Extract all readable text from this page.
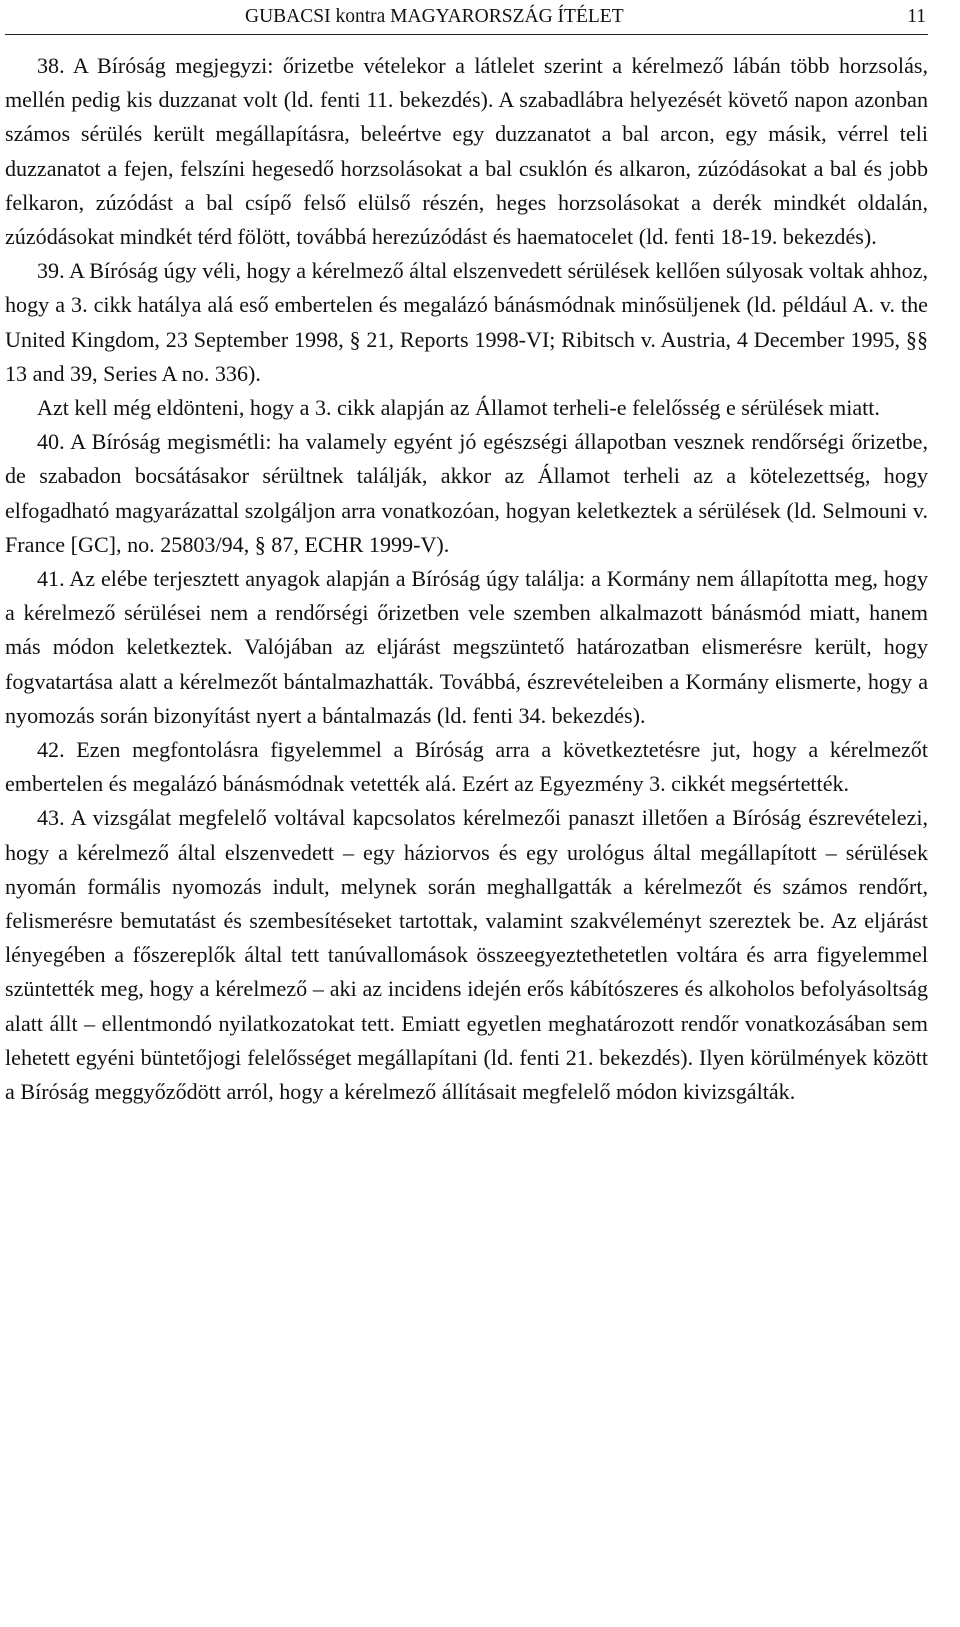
GUBACSI kontra MAGYARORSZÁG ÍTÉLET	11

38. A Bíróság megjegyzi: őrizetbe vételekor a látlelet szerint a kérelmező lábán több horzsolás, mellén pedig kis duzzanat volt (ld. fenti 11. bekezdés). A szabadlábra helyezését követő napon azonban számos sérülés került megállapításra, beleértve egy duzzanatot a bal arcon, egy másik, vérrel teli duzzanatot a fejen, felszíni hegesedő horzsolásokat a bal csuklón és alkaron, zúzódásokat a bal és jobb felkaron, zúzódást a bal csípő felső elülső részén, heges horzsolásokat a derék mindkét oldalán, zúzódásokat mindkét térd fölött, továbbá herezúzódást és haematocelet (ld. fenti 18-19. bekezdés).

39. A Bíróság úgy véli, hogy a kérelmező által elszenvedett sérülések kellően súlyosak voltak ahhoz, hogy a 3. cikk hatálya alá eső embertelen és megalázó bánásmódnak minősüljenek (ld. például A. v. the United Kingdom, 23 September 1998, § 21, Reports 1998-VI; Ribitsch v. Austria, 4 December 1995, §§ 13 and 39, Series A no. 336).

Azt kell még eldönteni, hogy a 3. cikk alapján az Államot terheli-e felelősség e sérülések miatt.

40. A Bíróság megismétli: ha valamely egyént jó egészségi állapotban vesznek rendőrségi őrizetbe, de szabadon bocsátásakor sérültnek találják, akkor az Államot terheli az a kötelezettség, hogy elfogadható magyarázattal szolgáljon arra vonatkozóan, hogyan keletkeztek a sérülések (ld. Selmouni v. France [GC], no. 25803/94, § 87, ECHR 1999-V).

41. Az elébe terjesztett anyagok alapján a Bíróság úgy találja: a Kormány nem állapította meg, hogy a kérelmező sérülései nem a rendőrségi őrizetben vele szemben alkalmazott bánásmód miatt, hanem más módon keletkeztek. Valójában az eljárást megszüntető határozatban elismerésre került, hogy fogvatartása alatt a kérelmezőt bántalmazhatták. Továbbá, észrevételeiben a Kormány elismerte, hogy a nyomozás során bizonyítást nyert a bántalmazás (ld. fenti 34. bekezdés).

42. Ezen megfontolásra figyelemmel a Bíróság arra a következtetésre jut, hogy a kérelmezőt embertelen és megalázó bánásmódnak vetették alá. Ezért az Egyezmény 3. cikkét megsértették.

43. A vizsgálat megfelelő voltával kapcsolatos kérelmezői panaszt illetően a Bíróság észrevételezi, hogy a kérelmező által elszenvedett – egy háziorvos és egy urológus által megállapított – sérülések nyomán formális nyomozás indult, melynek során meghallgatták a kérelmezőt és számos rendőrt, felismerésre bemutatást és szembesítéseket tartottak, valamint szakvéleményt szereztek be. Az eljárást lényegében a főszereplők által tett tanúvallomások összeegyeztethetetlen voltára és arra figyelemmel szüntették meg, hogy a kérelmező – aki az incidens idején erős kábítószeres és alkoholos befolyásoltság alatt állt – ellentmondó nyilatkozatokat tett. Emiatt egyetlen meghatározott rendőr vonatkozásában sem lehetett egyéni büntetőjogi felelősséget megállapítani (ld. fenti 21. bekezdés). Ilyen körülmények között a Bíróság meggyőződött arról, hogy a kérelmező állításait megfelelő módon kivizsgálták.
